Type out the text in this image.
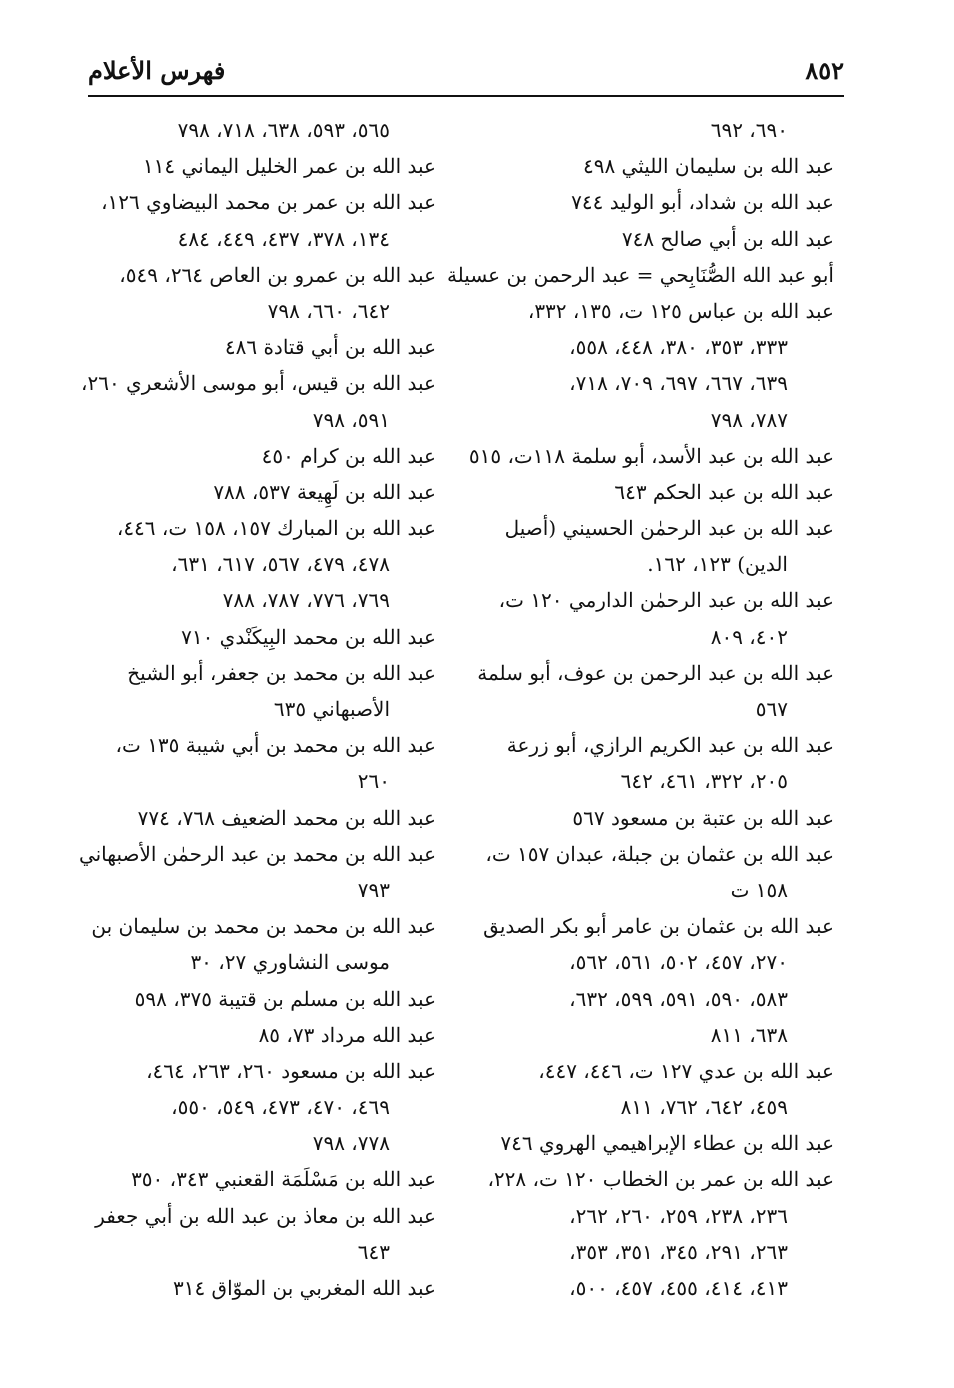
٨٥٢
فهرس الأعلام
٦٩٠، ٦٩٢
عبد الله بن سليمان الليثي ٤٩٨
عبد الله بن شداد، أبو الوليد ٧٤٤
عبد الله بن أبي صالح ٧٤٨
أبو عبد الله الصُّنَابِحي = عبد الرحمن بن عسيلة
عبد الله بن عباس ١٢٥ ت، ١٣٥، ٣٣٢،
٣٣٣، ٣٥٣، ٣٨٠، ٤٤٨، ٥٥٨،
٦٣٩، ٦٦٧، ٦٩٧، ٧٠٩، ٧١٨،
٧٨٧، ٧٩٨
عبد الله بن عبد الأسد، أبو سلمة ١١٨ت، ٥١٥
عبد الله بن عبد الحكم ٦٤٣
عبد الله بن عبد الرحمٰن الحسيني (أصيل
الدين) ١٢٣، ١٦٢.
عبد الله بن عبد الرحمٰن الدارمي ١٢٠ ت،
٤٠٢، ٨٠٩
عبد الله بن عبد الرحمن بن عوف، أبو سلمة
٥٦٧
عبد الله بن عبد الكريم الرازي، أبو زرعة
٢٠٥، ٣٢٢، ٤٦١، ٦٤٢
عبد الله بن عتبة بن مسعود ٥٦٧
عبد الله بن عثمان بن جبلة، عبدان ١٥٧ ت،
١٥٨ ت
عبد الله بن عثمان بن عامر أبو بكر الصديق
٢٧٠، ٤٥٧، ٥٠٢، ٥٦١، ٥٦٢،
٥٨٣، ٥٩٠، ٥٩١، ٥٩٩، ٦٣٢،
٦٣٨، ٨١١
عبد الله بن عدي ١٢٧ ت، ٤٤٦، ٤٤٧،
٤٥٩، ٦٤٢، ٧٦٢، ٨١١
عبد الله بن عطاء الإبراهيمي الهروي ٧٤٦
عبد الله بن عمر بن الخطاب ١٢٠ ت، ٢٢٨،
٢٣٦، ٢٣٨، ٢٥٩، ٢٦٠، ٢٦٢،
٢٦٣، ٢٩١، ٣٤٥، ٣٥١، ٣٥٣،
٤١٣، ٤١٤، ٤٥٥، ٤٥٧، ٥٠٠،
٥٦٥، ٥٩٣، ٦٣٨، ٧١٨، ٧٩٨
عبد الله بن عمر الخليل اليماني ١١٤
عبد الله بن عمر بن محمد البيضاوي ١٢٦،
١٣٤، ٣٧٨، ٤٣٧، ٤٤٩، ٤٨٤
عبد الله بن عمرو بن العاص ٢٦٤، ٥٤٩،
٦٤٢، ٦٦٠، ٧٩٨
عبد الله بن أبي قتادة ٤٨٦
عبد الله بن قيس، أبو موسى الأشعري ٢٦٠،
٥٩١، ٧٩٨
عبد الله بن كرام ٤٥٠
عبد الله بن لَهِيعة ٥٣٧، ٧٨٨
عبد الله بن المبارك ١٥٧، ١٥٨ ت، ٤٤٦،
٤٧٨، ٤٧٩، ٥٦٧، ٦١٧، ٦٣١،
٧٦٩، ٧٧٦، ٧٨٧، ٧٨٨
عبد الله بن محمد البِيكَنْدي ٧١٠
عبد الله بن محمد بن جعفر، أبو الشيخ
الأصبهاني ٦٣٥
عبد الله بن محمد بن أبي شيبة ١٣٥ ت،
٢٦٠
عبد الله بن محمد الضعيف ٧٦٨، ٧٧٤
عبد الله بن محمد بن عبد الرحمٰن الأصبهاني
٧٩٣
عبد الله بن محمد بن محمد بن سليمان بن
موسى النشاوري ٢٧، ٣٠
عبد الله بن مسلم بن قتيبة ٣٧٥، ٥٩٨
عبد الله مرداد ٧٣، ٨٥
عبد الله بن مسعود ٢٦٠، ٢٦٣، ٤٦٤،
٤٦٩، ٤٧٠، ٤٧٣، ٥٤٩، ٥٥٠،
٧٧٨، ٧٩٨
عبد الله بن مَسْلَمَة القعنبي ٣٤٣، ٣٥٠
عبد الله بن معاذ بن عبد الله بن أبي جعفر
٦٤٣
عبد الله المغربي بن الموّاق ٣١٤
